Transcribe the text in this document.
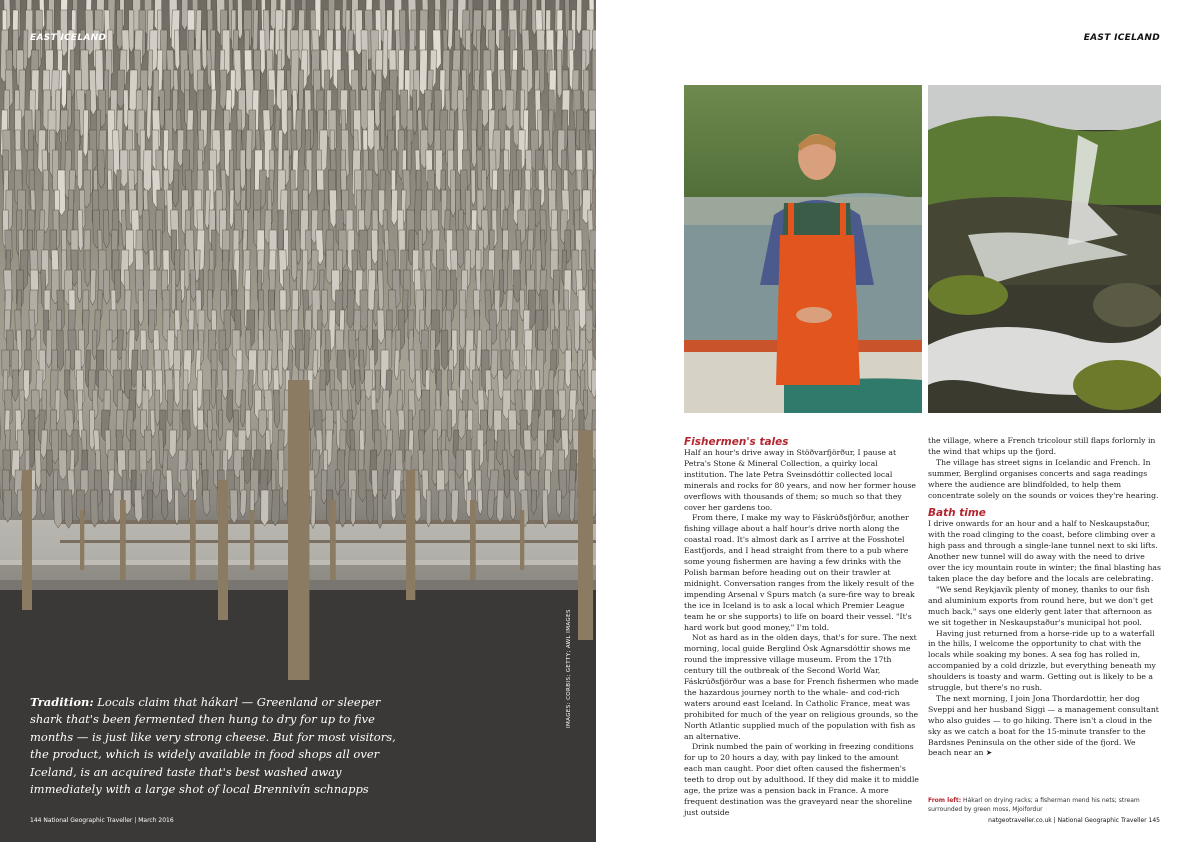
EAST ICELAND
Tradition: Locals claim that hákarl — Greenland or sleeper shark that's been fermented then hung to dry for up to five months — is just like very strong cheese. But for most visitors, the product, which is widely available in food shops all over Iceland, is an acquired taste that's best washed away immediately with a large shot of local Brennivín schnapps
IMAGES: CORBIS; GETTY; AWL IMAGES
144 National Geographic Traveller | March 2016
EAST ICELAND
Fishermen's tales

Half an hour's drive away in Stöðvarfjörður, I pause at Petra's Stone & Mineral Collection, a quirky local institution. The late Petra Sveinsdóttir collected local minerals and rocks for 80 years, and now her former house overflows with thousands of them; so much so that they cover her gardens too.

From there, I make my way to Fáskrúðsfjörður, another fishing village about a half hour's drive north along the coastal road. It's almost dark as I arrive at the Fosshotel Eastfjords, and I head straight from there to a pub where some young fishermen are having a few drinks with the Polish barman before heading out on their trawler at midnight. Conversation ranges from the likely result of the impending Arsenal v Spurs match (a sure-fire way to break the ice in Iceland is to ask a local which Premier League team he or she supports) to life on board their vessel. "It's hard work but good money," I'm told.

Not as hard as in the olden days, that's for sure. The next morning, local guide Berglind Ósk Agnarsdóttir shows me round the impressive village museum. From the 17th century till the outbreak of the Second World War, Fáskrúðsfjörður was a base for French fishermen who made the hazardous journey north to the whale- and cod-rich waters around east Iceland. In Catholic France, meat was prohibited for much of the year on religious grounds, so the North Atlantic supplied much of the population with fish as an alternative.

Drink numbed the pain of working in freezing conditions for up to 20 hours a day, with pay linked to the amount each man caught. Poor diet often caused the fishermen's teeth to drop out by adulthood. If they did make it to middle age, the prize was a pension back in France. A more frequent destination was the graveyard near the shoreline just outside

the village, where a French tricolour still flaps forlornly in the wind that whips up the fjord.

The village has street signs in Icelandic and French. In summer, Berglind organises concerts and saga readings where the audience are blindfolded, to help them concentrate solely on the sounds or voices they're hearing.

Bath time

I drive onwards for an hour and a half to Neskaupstaður, with the road clinging to the coast, before climbing over a high pass and through a single-lane tunnel next to ski lifts. Another new tunnel will do away with the need to drive over the icy mountain route in winter; the final blasting has taken place the day before and the locals are celebrating.

"We send Reykjavík plenty of money, thanks to our fish and aluminium exports from round here, but we don't get much back," says one elderly gent later that afternoon as we sit together in Neskaupstaður's municipal hot pool.

Having just returned from a horse-ride up to a waterfall in the hills, I welcome the opportunity to chat with the locals while soaking my bones. A sea fog has rolled in, accompanied by a cold drizzle, but everything beneath my shoulders is toasty and warm. Getting out is likely to be a struggle, but there's no rush.

The next morning, I join Jona Thordardottir, her dog Sveppi and her husband Siggi — a management consultant who also guides — to go hiking. There isn't a cloud in the sky as we catch a boat for the 15-minute transfer to the Bardsnes Peninsula on the other side of the fjord. We beach near an ➤

From left: Hákarl on drying racks; a fisherman mend his nets; stream surrounded by green moss, Mjoifordur
natgeotraveller.co.uk | National Geographic Traveller 145
